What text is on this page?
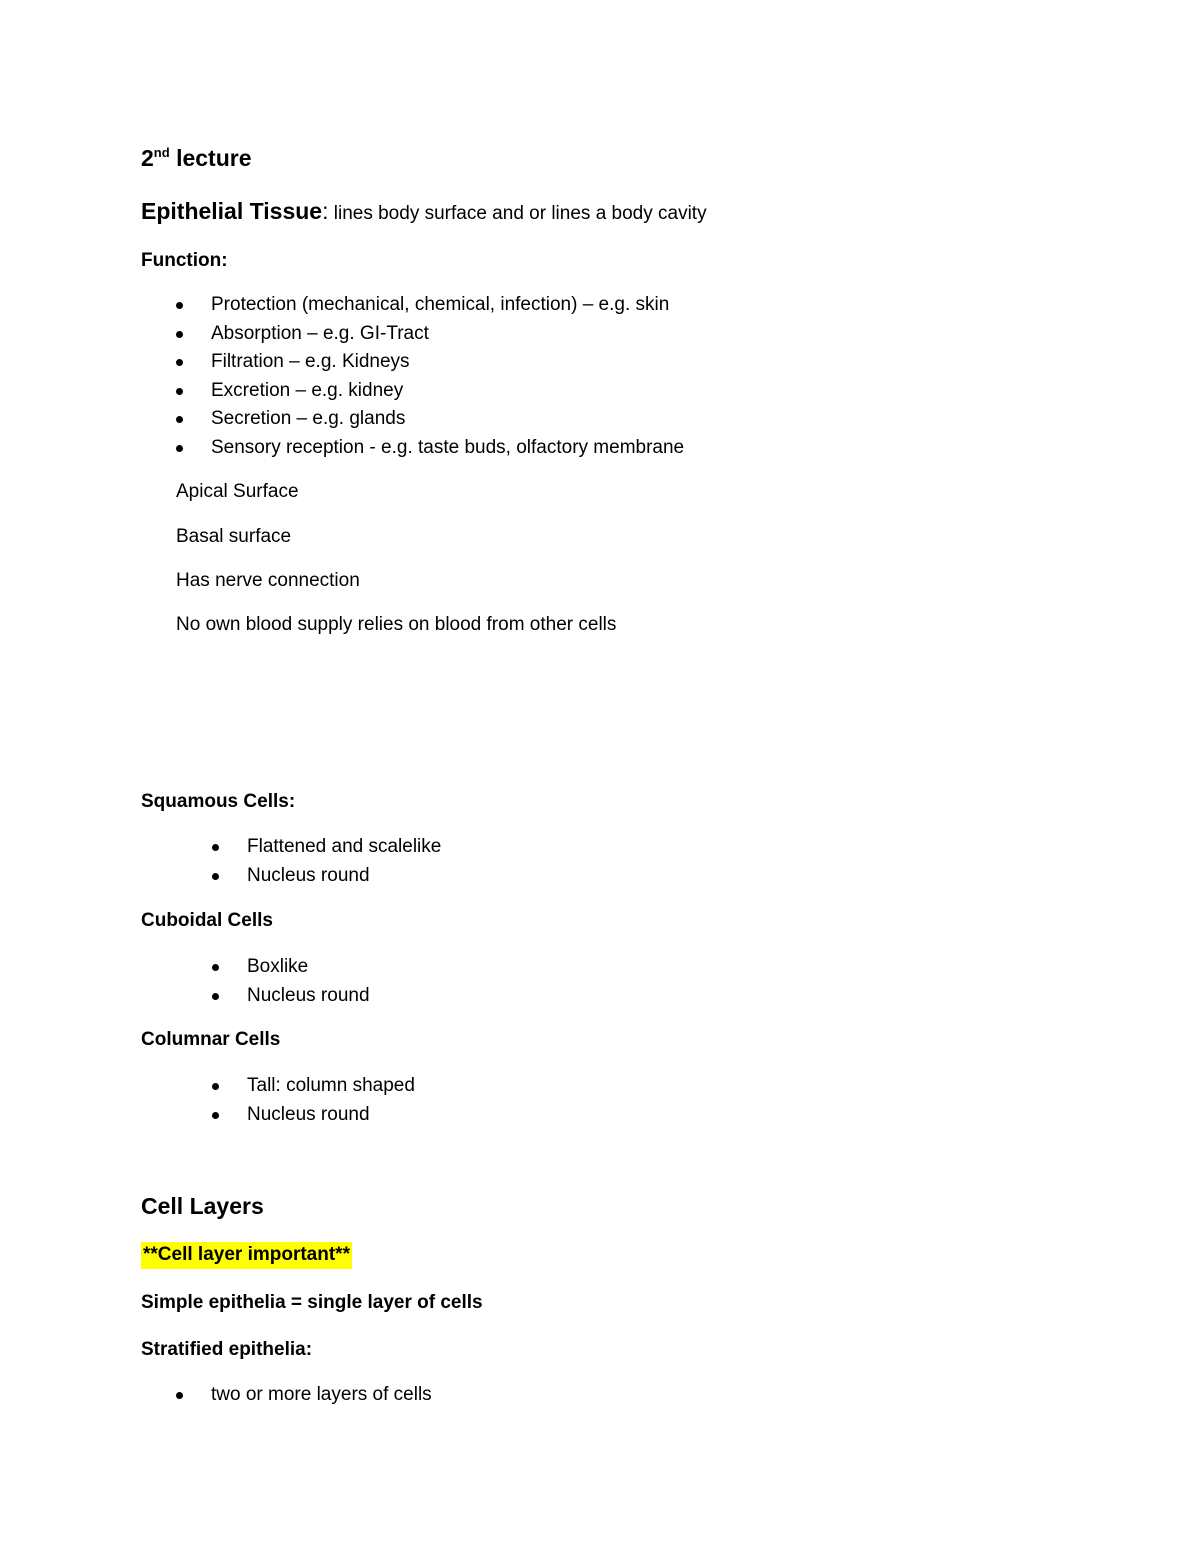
2nd lecture
Epithelial Tissue: lines body surface and or lines a body cavity
Function:
Protection (mechanical, chemical, infection) – e.g. skin
Absorption – e.g. GI-Tract
Filtration – e.g. Kidneys
Excretion – e.g. kidney
Secretion – e.g. glands
Sensory reception - e.g. taste buds, olfactory membrane
Apical Surface
Basal surface
Has nerve connection
No own blood supply relies on blood from other cells
Squamous Cells:
Flattened and scalelike
Nucleus round
Cuboidal Cells
Boxlike
Nucleus round
Columnar Cells
Tall: column shaped
Nucleus round
Cell Layers
**Cell layer important**
Simple epithelia = single layer of cells
Stratified epithelia:
two or more layers of cells
